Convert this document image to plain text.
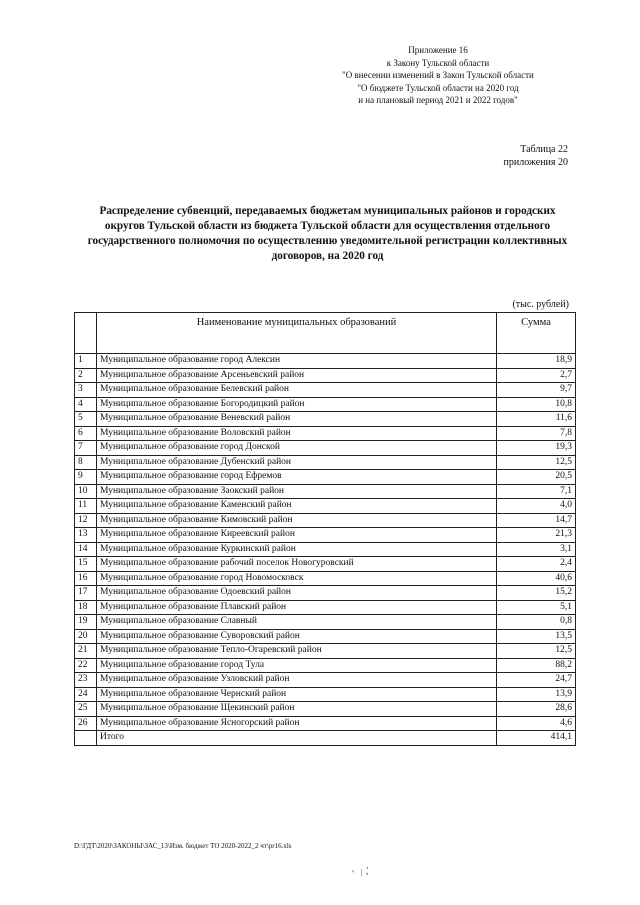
Приложение 16
к Закону Тульской области
"О внесении изменений в Закон Тульской области
"О бюджете Тульской области на 2020 год
и на плановый период 2021 и 2022 годов"
Таблица 22
приложения 20
Распределение субвенций, передаваемых бюджетам муниципальных районов и городских округов Тульской области из бюджета Тульской области для осуществления отдельного государственного полномочия по осуществлению уведомительной регистрации коллективных договоров, на 2020 год
(тыс. рублей)
	Наименование муниципальных образований	Сумма
1	Муниципальное образование город Алексин	18,9
2	Муниципальное образование Арсеньевский район	2,7
3	Муниципальное образование Белевский район	9,7
4	Муниципальное образование Богородицкий район	10,8
5	Муниципальное образование Веневский район	11,6
6	Муниципальное образование Воловский район	7,8
7	Муниципальное образование город Донской	19,3
8	Муниципальное образование Дубенский район	12,5
9	Муниципальное образование город Ефремов	20,5
10	Муниципальное образование Заокский район	7,1
11	Муниципальное образование Каменский район	4,0
12	Муниципальное образование Кимовский район	14,7
13	Муниципальное образование Киреевский район	21,3
14	Муниципальное образование Куркинский район	3,1
15	Муниципальное образование рабочий поселок Новогуровский	2,4
16	Муниципальное образование город Новомосковск	40,6
17	Муниципальное образование Одоевский район	15,2
18	Муниципальное образование Плавский район	5,1
19	Муниципальное образование Славный	0,8
20	Муниципальное образование Суворовский район	13,5
21	Муниципальное образование Тепло-Огаревский район	12,5
22	Муниципальное образование город Тула	88,2
23	Муниципальное образование Узловский район	24,7
24	Муниципальное образование Чернский район	13,9
25	Муниципальное образование Щекинский район	28,6
26	Муниципальное образование Ясногорский район	4,6
	Итого	414,1
D:\ГДТ\2020\ЗАКОНЫ\ЗАС_13\Изм. бюджет ТО 2020-2022_2 чт\pr16.xls
ﾞ / ,'
